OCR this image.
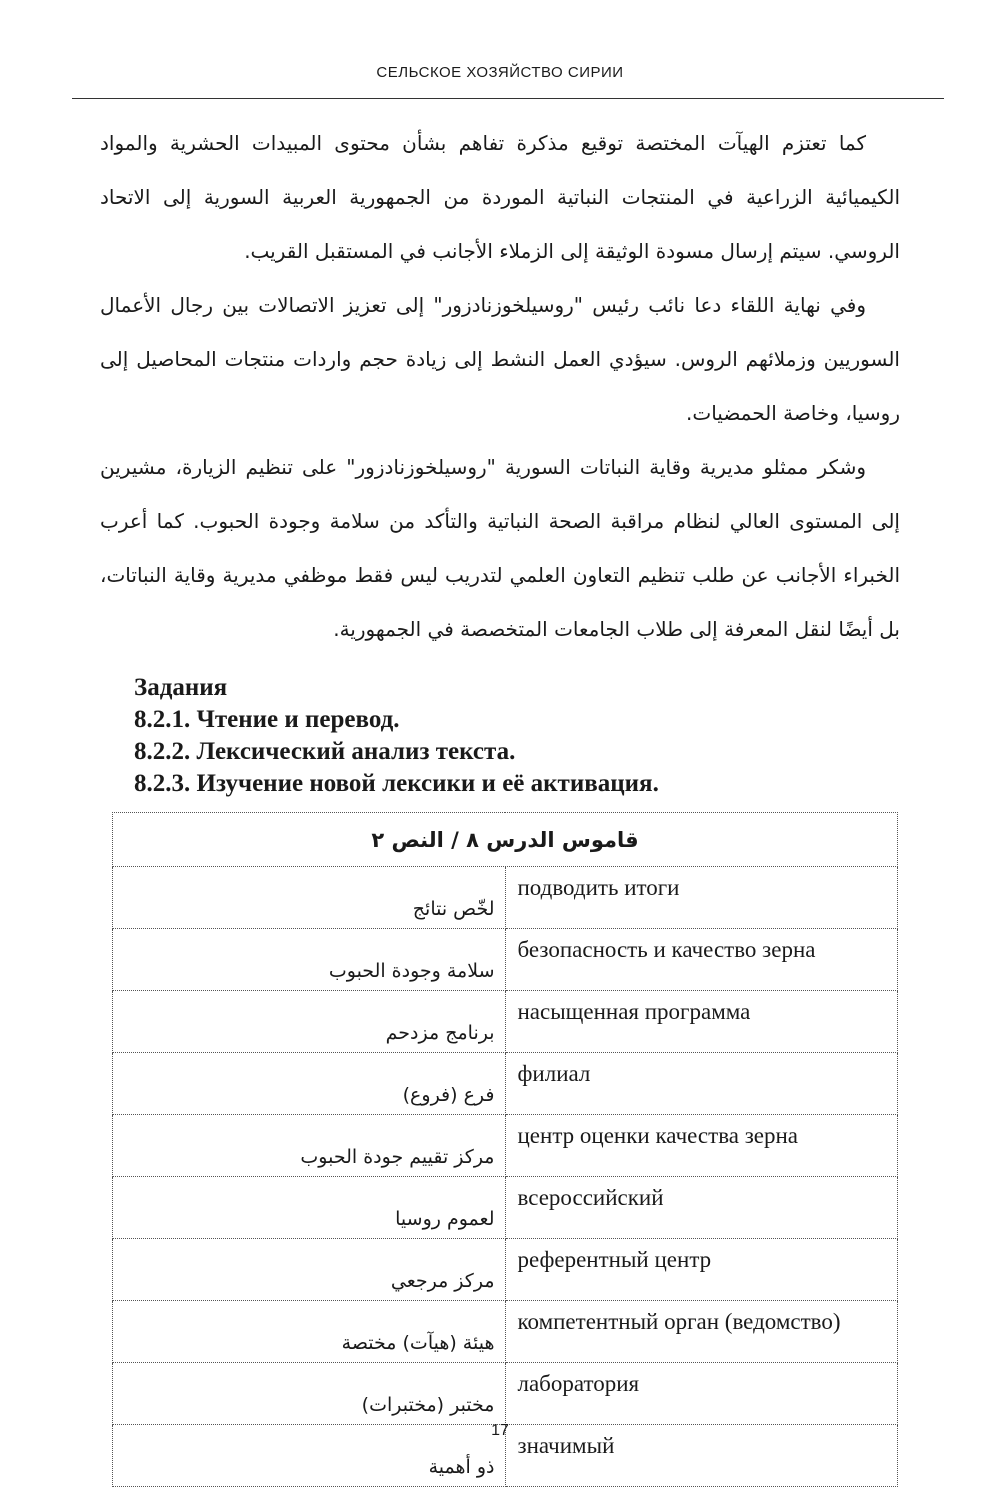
СЕЛЬСКОЕ ХОЗЯЙСТВО СИРИИ

كما تعتزم الهيآت المختصة توقيع مذكرة تفاهم بشأن محتوى المبيدات الحشرية والمواد الكيميائية الزراعية في المنتجات النباتية الموردة من الجمهورية العربية السورية إلى الاتحاد الروسي. سيتم إرسال مسودة الوثيقة إلى الزملاء الأجانب في المستقبل القريب.

وفي نهاية اللقاء دعا نائب رئيس "روسيلخوزنادزور" إلى تعزيز الاتصالات بين رجال الأعمال السوريين وزملائهم الروس. سيؤدي العمل النشط إلى زيادة حجم واردات منتجات المحاصيل إلى روسيا، وخاصة الحمضيات.

وشكر ممثلو مديرية وقاية النباتات السورية "روسيلخوزنادزور" على تنظيم الزيارة، مشيرين إلى المستوى العالي لنظام مراقبة الصحة النباتية والتأكد من سلامة وجودة الحبوب. كما أعرب الخبراء الأجانب عن طلب تنظيم التعاون العلمي لتدريب ليس فقط موظفي مديرية وقاية النباتات، بل أيضًا لنقل المعرفة إلى طلاب الجامعات المتخصصة في الجمهورية.

Задания
8.2.1. Чтение и перевод.
8.2.2. Лексический анализ текста.
8.2.3. Изучение новой лексики и её активация.
قاموس الدرس ٨ / النص ٢	
لخّص نتائج	подводить итоги
سلامة وجودة الحبوب	безопасность и качество зерна
برنامج مزدحم	насыщенная программа
فرع (فروع)	филиал
مركز تقييم جودة الحبوب	центр оценки качества зерна
لعموم روسيا	всероссийский
مركز مرجعي	референтный центр
هيئة (هيآت) مختصة	компетентный орган (ведомство)
مختبر (مختبرات)	лаборатория
ذو أهمية	значимый
17
